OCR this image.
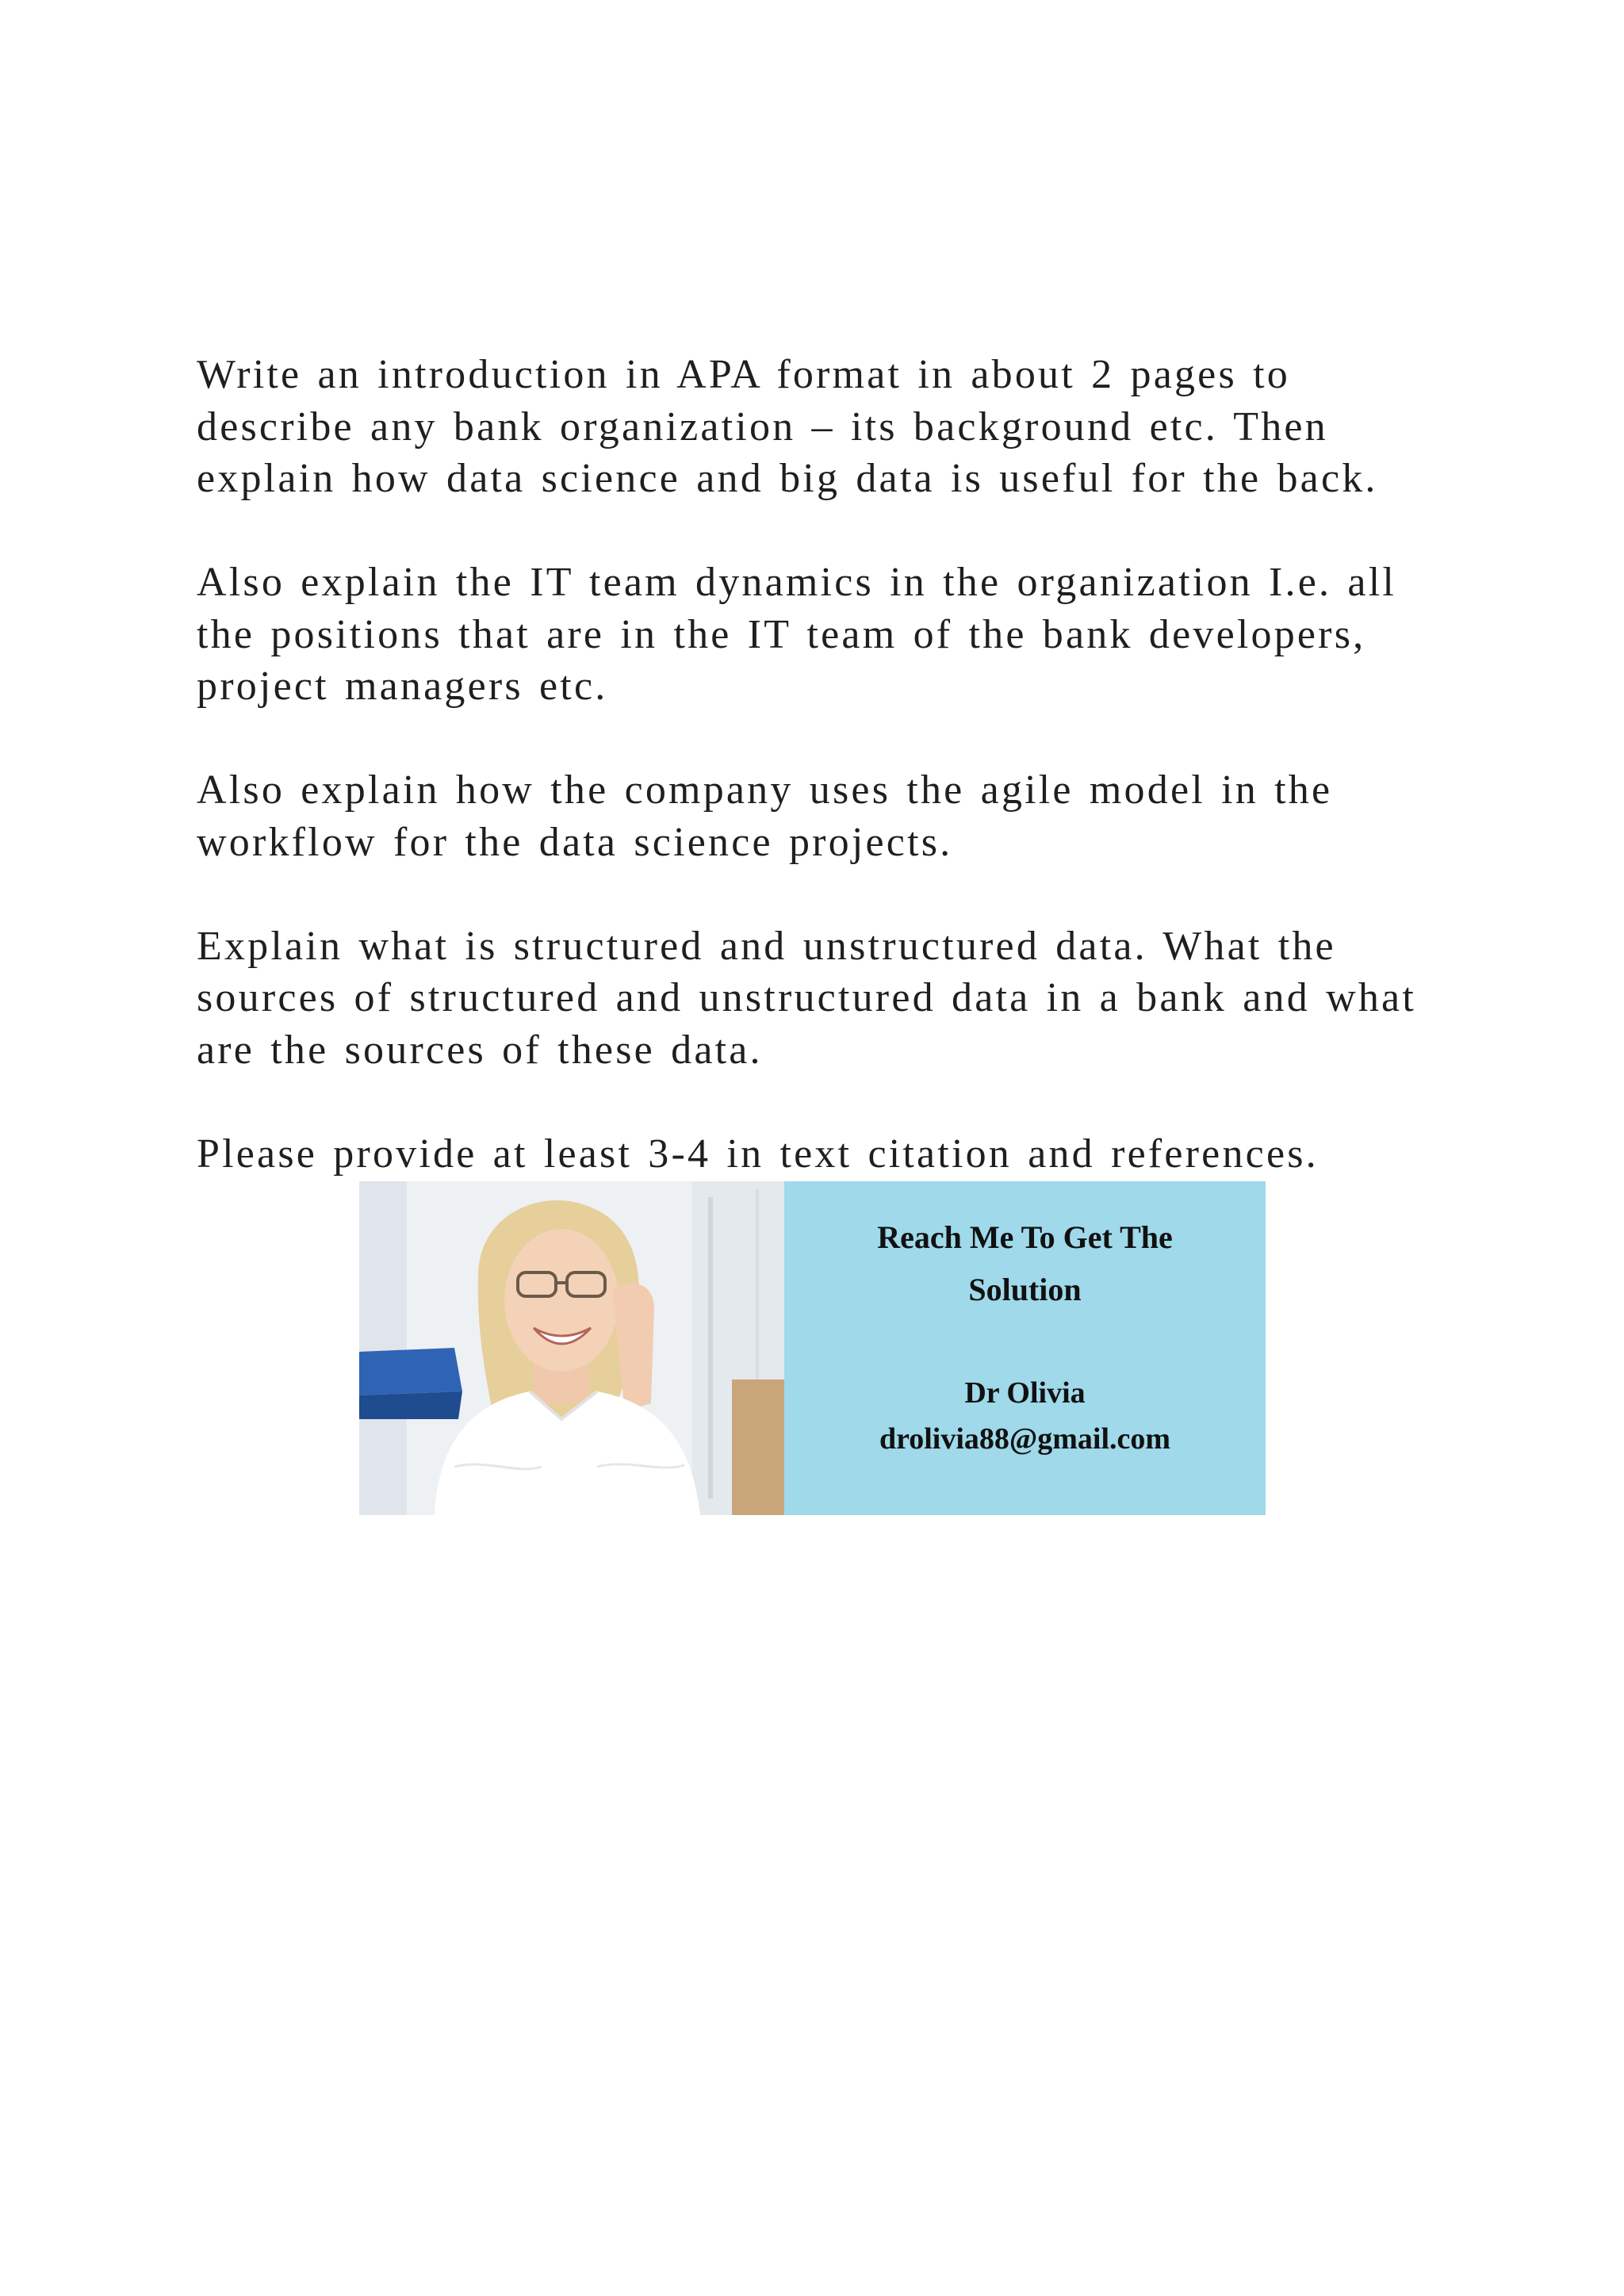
Write an introduction in APA format in about 2 pages to
describe any bank organization – its background etc. Then
explain how data science and big data is useful for the back.

Also explain the IT team dynamics in the organization I.e. all
the positions that are in the IT team of the bank developers,
project managers etc.

Also explain how the company uses the agile model in the
workflow for the data science projects.

Explain what is structured and unstructured data. What the
sources of structured and unstructured data in a bank and what
are the sources of these data.

Please provide at least 3-4 in text citation and references.

Reach Me To Get The
Solution
Dr Olivia
drolivia88@gmail.com
